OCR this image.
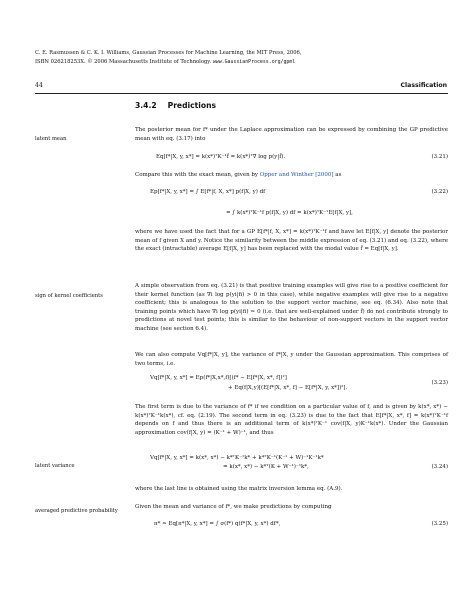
C. E. Rasmussen & C. K. I. Williams, Gaussian Processes for Machine Learning, the MIT Press, 2006,
ISBN 026218253X. © 2006 Massachusetts Institute of Technology. www.GaussianProcess.org/gpml
44	Classification
3.4.2 Predictions
latent mean
sign of kernel coefficients
latent variance
averaged predictive probability
The posterior mean for f* under the Laplace approximation can be expressed by combining the GP predictive mean with eq. (3.17) into
Eq[f*|X, y, x*] = k(x*)ᵀK⁻¹f̂ = k(x*)ᵀ∇ log p(y|f̂).	(3.21)
Compare this with the exact mean, given by Opper and Winther [2000] as
Ep[f*|X, y, x*] = ∫ E[f*|f, X, x*] p(f|X, y) df	(3.22)
= ∫ k(x*)ᵀK⁻¹f p(f|X, y) df = k(x*)ᵀK⁻¹E[f|X, y],
where we have used the fact that for a GP E[f*|f, X, x*] = k(x*)ᵀK⁻¹f and have let E[f|X, y] denote the posterior mean of f given X and y. Notice the similarity between the middle expression of eq. (3.21) and eq. (3.22), where the exact (intractable) average E[f|X, y] has been replaced with the modal value f̂ = Eq[f|X, y].
A simple observation from eq. (3.21) is that positive training examples will give rise to a positive coefficient for their kernel function (as ∇i log p(yi|fi) > 0 in this case), while negative examples will give rise to a negative coefficient; this is analogous to the solution to the support vector machine, see eq. (6.34). Also note that training points which have ∇i log p(yi|fi) ≃ 0 (i.e. that are well-explained under f̂) do not contribute strongly to predictions at novel test points; this is similar to the behaviour of non-support vectors in the support vector machine (see section 6.4).
We can also compute Vq[f*|X, y], the variance of f*|X, y under the Gaussian approximation. This comprises of two terms, i.e.
Vq[f*|X, y, x*] = Ep(f*|X,x*,f)[(f* − E[f*|X, x*, f])²]
(3.23)
+ Eq(f|X,y)[(E[f*|X, x*, f] − E[f*|X, y, x*])²].
The first term is due to the variance of f* if we condition on a particular value of f, and is given by k(x*, x*) − k(x*)ᵀK⁻¹k(x*), cf. eq. (2.19). The second term in eq. (3.23) is due to the fact that E[f*|X, x*, f] = k(x*)ᵀK⁻¹f depends on f and thus there is an additional term of k(x*)ᵀK⁻¹ cov(f|X, y)K⁻¹k(x*). Under the Gaussian approximation cov(f|X, y) = (K⁻¹ + W)⁻¹, and thus
Vq[f*|X, y, x*] = k(x*, x*) − k*ᵀK⁻¹k* + k*ᵀK⁻¹(K⁻¹ + W)⁻¹K⁻¹k*
= k(x*, x*) − k*ᵀ(K + W⁻¹)⁻¹k*,	(3.24)
where the last line is obtained using the matrix inversion lemma eq. (A.9).
Given the mean and variance of f*, we make predictions by computing
π* ≃ Eq[π*|X, y, x*] = ∫ σ(f*) q(f*|X, y, x*) df*,	(3.25)
